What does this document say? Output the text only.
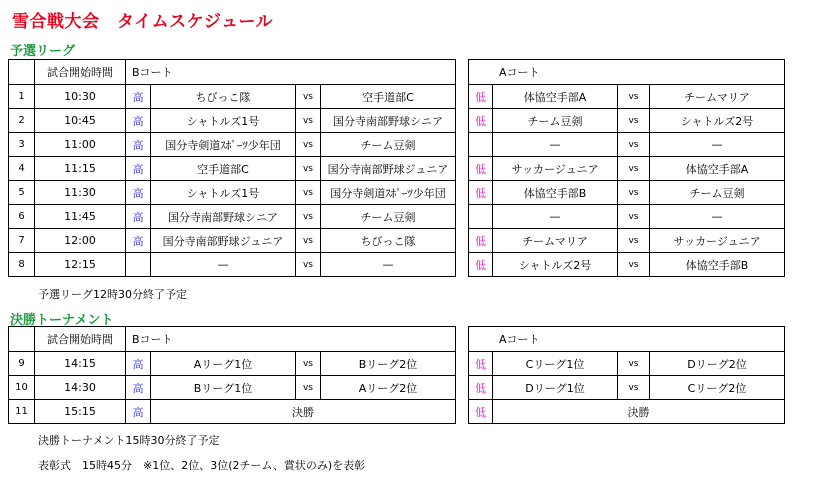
雪合戦大会　タイムスケジュール
予選リーグ
	試合開始時間	Bコート			
1	10:30	高	ちびっこ隊	vs	空手道部C
2	10:45	高	シャトルズ1号	vs	国分寺南部野球シニア
3	11:00	高	国分寺剣道ｽﾎﾟｰﾂ少年団	vs	チーム豆剣
4	11:15	高	空手道部C	vs	国分寺南部野球ジュニア
5	11:30	高	シャトルズ1号	vs	国分寺剣道ｽﾎﾟｰﾂ少年団
6	11:45	高	国分寺南部野球シニア	vs	チーム豆剣
7	12:00	高	国分寺南部野球ジュニア	vs	ちびっこ隊
8	12:15		—	vs	—
Aコート			
低	体協空手部A	vs	チームマリア
低	チーム豆剣	vs	シャトルズ2号
	—	vs	—
低	サッカージュニア	vs	体協空手部A
低	体協空手部B	vs	チーム豆剣
	—	vs	—
低	チームマリア	vs	サッカージュニア
低	シャトルズ2号	vs	体協空手部B
予選リーグ12時30分終了予定
決勝トーナメント
	試合開始時間	Bコート			
9	14:15	高	Aリーグ1位	vs	Bリーグ2位
10	14:30	高	Bリーグ1位	vs	Aリーグ2位
11	15:15	高	決勝		
Aコート			
低	Cリーグ1位	vs	Dリーグ2位
低	Dリーグ1位	vs	Cリーグ2位
低	決勝		
決勝トーナメント15時30分終了予定
表彰式　15時45分　※1位、2位、3位(2チーム、賞状のみ)を表彰
